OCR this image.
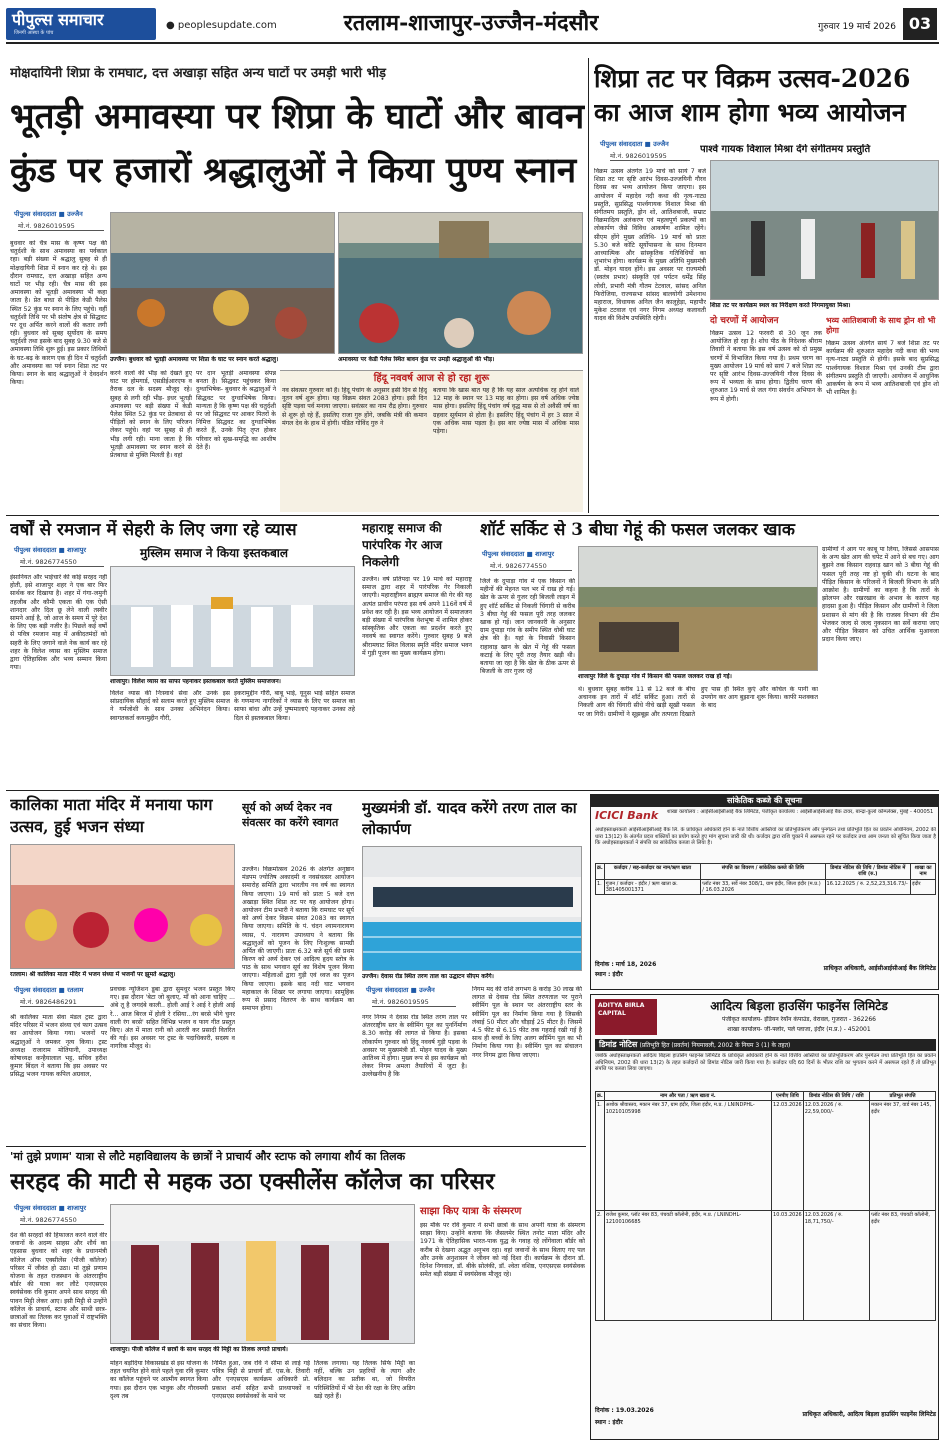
पीपुल्स समाचार
जिनगी आस्था के पांच
● peoplesupdate.com	रतलाम-शाजापुर-उज्जैन-मंदसौर	गुरुवार 19 मार्च 2026 03
मोक्षदायिनी शिप्रा के रामघाट, दत्त अखाड़ा सहित अन्य घाटों पर उमड़ी भारी भीड़
भूतड़ी अमावस्या पर शिप्रा के घाटों और बावन कुंड पर हजारों श्रद्धालुओं ने किया पुण्य स्नान
पीपुल्स संवाददाता ■ उज्जैन
मो.नं. 9826019595
बुधवार को चैत्र मास के कृष्ण पक्ष की चतुर्दशी के साथ अमावस्या का पर्वकाल रहा। बड़ी संख्या में श्रद्धालु सुबह से ही मोक्षदायिनी शिप्रा में स्नान कर रहे थे। इस दौरान रामघाट, दत्त अखाड़ा सहित अन्य घाटों पर भीड़ रही। चैत्र मास की इस अमावस्या को भूतड़ी अमावस्या भी कहा जाता है। प्रेत बाधा से पीड़ित केडी पैलेस स्थित 52 कुंड पर स्नान के लिए पहुंचे। वहीं चतुर्दशी तिथि पर भी संतोष क्षेत्र से सिद्धवट पर दूध अर्पित करने वालों की कतार लगी रही। बुधवार को सुबह सूर्योदय के समय चतुर्दशी तथा इसके बाद सुबह 9.30 बजे से अमावस्या तिथि शुरू हुई। इस प्रकार तिथियों के घट-बढ़ के कारण एक ही दिन में चतुर्दशी और अमावस्या का पर्व स्नान शिप्रा तट पर किया। स्नान के बाद श्रद्धालुओं ने देवदर्शन किया।
उज्जैन। बुधवार को भूतड़ी अमावस्या पर शिप्रा के घाट पर स्नान करते श्रद्धालु।	अमावस्या पर केडी पैलेस स्थित बावन कुंड पर उमड़ी श्रद्धालुओं की भीड़।
करने वालों की भीड़ को देखते हुए घाट पर होमगार्ड, एसडीईआरएफ व तैराक दल के सदस्य मौजूद रहे। सुबह से लगी रही भीड़- इधर भूतड़ी अमावस्या पर बड़ी संख्या में केडी पैलेस स्थित 52 कुंड पर प्रेतबाधा से पीड़ितों को स्नान के लिए परिजन लेकर पहुंचे। वहां पर सुबह से ही भीड़ लगी रही। माना जाता है कि भूतड़ी अमावस्या पर स्नान करने से प्रेतबाधा से मुक्ति मिलती है। वहां
पर दान भूतड़ी अमावस्या संपन्न बनता है। सिद्धवट पहुंचकर किया दुग्धाभिषेक- बुधवार के श्रद्धालुओं ने सिद्धवट पर दुग्धाभिषेक किया। मान्यता है कि कृष्ण पक्ष की चतुर्दशी पर जो सिद्धवट पर आकर पितरों के निमित्त सिद्धवट का दुग्धाभिषेक करते हैं, उनके पितृ तृप्त होकर परिवार को सुख-समृद्धि का आशीष देते हैं।
हिंदू नववर्ष आज से हो रहा शुरू
नव संवत्सर गुरुवार को है। हिंदू पंचांग के अनुसार इसी दिन से हिंदू नूतन वर्ष शुरू होगा। यह विक्रम संवत 2083 होगा। इसी दिन सृष्टि पड़वा पर्व मनाया जाएगा। सवंत्सर का नाम रौद्र होगा। गुरुवार से शुरू हो रहे हैं, इसलिए राजा गुरु होंगे, जबकि मंत्री की कमान मंगल देव के हाथ में होगी। पंडित गोविंद गुरु ने
बताया कि खास बात यह है कि यह साल अत्यधिक रह होने वाले 12 माह के स्थान पर 13 माह का होगा। इस वर्ष अधिक ज्येष्ठ मास होगा। इसलिए हिंदू पंचांग वर्ष वृद्ध मास से तो अवैसी वर्ष का ग्रहवार सूर्यमान से होता है। इसलिए हिंदू पंचांग में हर 3 साल में एक अधिक मास पड़ता है। इस बार ज्येष्ठ मास में अधिक मास पड़ेगा।
शिप्रा तट पर विक्रम उत्सव-2026 का आज शाम होगा भव्य आयोजन
पीपुल्स संवाददाता ■ उज्जैन
मो.नं. 9826019595
पार्श्व गायक विशाल मिश्रा देंगे संगीतमय प्रस्तुति
विक्रम उत्सव अंतर्गत 19 मार्च को सायं 7 बजे शिप्रा तट पर सृष्टि आरंभ दिवस-उज्जयिनी गौरव दिवस का भव्य आयोजन किया जाएगा। इस आयोजन में महादेव नदी कथा की नृत्य-नाट्य प्रस्तुति, सुप्रसिद्ध पार्श्वगायक विशाल मिश्रा की संगीतमय प्रस्तुति, ड्रोन शो, आतिशबाजी, सम्राट विक्रमादित्य अलंकरण एवं महत्वपूर्ण प्रकल्पों का लोकार्पण जैसे विविध आकर्षण शामिल रहेंगे। सीएम होंगे मुख्य अतिथि- 19 मार्च को प्रातः 5.30 बजे कोटि सूर्योपासना के साथ दिनमान आध्यात्मिक और सांस्कृतिक गतिविधियों का शुभारंभ होगा। कार्यक्रम के मुख्य अतिथि मुख्यमंत्री डॉ. मोहन यादव होंगे। इस अवसर पर राज्यमंत्री (स्वतंत्र प्रभार) संस्कृति एवं पर्यटन धर्मेंद्र सिंह लोधी, प्रभारी मंत्री गौतम टेटवाल, सांसद अनिल फिरोजिया, राज्यसभा सांसद बालयोगी उमेशनाथ महाराज, विधायक अनिल जैन कालूहेड़ा, महापौर मुकेश टटवाल एवं नगर निगम अध्यक्ष कलावती यादव की विशेष उपस्थिति रहेगी।
शिप्रा तट पर कार्यक्रम स्थल का निरीक्षण करते निगमायुक्त मिश्रा।
दो चरणों में आयोजन
विक्रम उत्सव 12 फरवरी से 30 जून तक आयोजित हो रहा है। शोध पीठ के निदेशक श्रीराम तिवारी ने बताया कि इस वर्ष उत्सव को दो प्रमुख चरणों में विभाजित किया गया है। प्रथम चरण का मुख्य आयोजन 19 मार्च को सायं 7 बजे शिप्रा तट पर सृष्टि आरंभ दिवस-उज्जयिनी गौरव दिवस के रूप में भव्यता के साथ होगा। द्वितीय चरण की शुरुआत 19 मार्च से जल गंगा संवर्धन अभियान के रूप में होगी।
भव्य आतिशबाजी के साथ ड्रोन शो भी होगा
विक्रम उत्सव अंतर्गत सायं 7 बजे शिप्रा तट पर कार्यक्रम की शुरुआत महादेव नदी कथा की भव्य नृत्य-नाट्य प्रस्तुति से होगी। इसके बाद सुप्रसिद्ध पार्श्वगायक विशाल मिश्रा एवं उनकी टीम द्वारा संगीतमय प्रस्तुति दी जाएगी। आयोजन में आधुनिक आकर्षण के रूप में भव्य आतिशबाजी एवं ड्रोन शो भी शामिल है।
वर्षों से रमजान में सेहरी के लिए जगा रहे व्यास
मुस्लिम समाज ने किया इस्तकबाल
पीपुल्स संवाददाता ■ शाजापुर
मो.नं. 9826774550
इंसानियत और भाईचारे की कोई सरहद नहीं होती, इसे शाजापुर शहर ने एक बार फिर सार्थक कर दिखाया है। शहर में गंगा-जमुनी तहजीब और कौमी एकता की एक ऐसी शानदार और दिल छू लेने वाली तस्वीर सामने आई है, जो आज के समय में पूरे देश के लिए एक बड़ी नजीर है। पिछले कई वर्षों से पवित्र रमजान माह में अकीदतमंदों को सहरी के लिए जगाने वाले नेक कार्य कर रहे शहर के विलेश व्यास का मुस्लिम समाज द्वारा ऐतिहासिक और भव्य सम्मान किया गया।
शाजापुर। विलेश व्यास का साफा पहनाकर इस्तकबाल करते मुस्लिम समाजजन।
विलेश व्यास की निःस्वार्थ सेवा और उनके इस सांप्रदायिक सौहार्द को सलाम करते हुए मुस्लिम समाज ने गर्मजोशी के साथ उनका अभिनंदन किया। स्वागतकर्ता कयामुद्दीन गौरी,
इकरामुद्दीन गौरी, बाबू भाई, यूनुस भाई सहित समाज के गणमान्य नागरिकों ने व्यास के लिए पर समाज का साफा बांधा और उन्हें पुष्पमालाएं पहनाकर उनका तहे दिल से इस्तकबाल किया।
महाराष्ट्र समाज की पारंपरिक गेर आज निकलेगी
उज्जैन। वर्ष प्रतिपदा पर 19 मार्च को महाराष्ट्र समाज द्वारा शहर में पारंपरिक गेर निकाली जाएगी। महाराष्ट्रीयन ब्राह्मण समाज की गेर की यह अत्यंत प्राचीन परंपरा इस वर्ष अपने 116वें वर्ष में प्रवेश कर रही है। इस भव्य आयोजन में समाजजन बड़ी संख्या में पारंपरिक वेशभूषा में शामिल होकर सांस्कृतिक और एकता का प्रदर्शन करते हुए नववर्ष का स्वागत करेंगे। गुरुवार सुबह 9 बजे श्रीरामघाट स्थित विलास स्मृति मंदिर समाज भवन में गुड़ी पूजन का मुख्य कार्यक्रम होगा।
शॉर्ट सर्किट से 3 बीघा गेहूं की फसल जलकर खाक
पीपुल्स संवाददाता ■ शाजापुर
मो.नं. 9826774550
जिले के दुपाड़ा गांव में एक किसान की महीनों की मेहनत पल भर में राख हो गई। खेत के ऊपर से गुजर रही बिजली लाइन में हुए शॉर्ट सर्किट से निकली चिंगारी से करीब 3 बीघा गेहूं की फसल पूरी तरह जलकर खाक हो गई। जान जानकारी के अनुसार ग्राम दुपाड़ा गांव के समीप स्थित धोबी घाट क्षेत्र की है। यहां के निवासी किसान राहावाड़ खान के खेत में गेहूं की फसल कटाई के लिए पूरी तरह तैयार खड़ी थी। बताया जा रहा है कि खेत के ठीक ऊपर से बिजली के तार गुजर रहे
शाजापुर जिले के दुपाड़ा गांव में किसान की फसल जलकर राख हो गई।
थे। बुधवार सुबह करीब 11 से 12 बजे के बीच अचानक इन तारों में शॉर्ट सर्किट हुआ। तारों से निकली आग की चिंगारी सीधे नीचे खड़ी सूखी फसल पर जा गिरी। ग्रामीणों ने सूझबूझ और तत्परता दिखाते हुए पास ही स्थित कुएं और कोचेल के पानी का उपयोग कर आग बुझाना शुरू किया। काफी मशक्कत के बाद
ग्रामीणों ने आग पर काबू पा लिया, जिससे आसपास के अन्य खेत आग की चपेट में आने से बच गए। आग बुझने तक किसान राहवाड़ खान को 3 बीघा गेहूं की फसल पूरी तरह नष्ट हो चुकी थी। घटना के बाद पीड़ित किसान के परिजनों ने बिजली विभाग के प्रति आक्रोश है। ग्रामीणों का कहना है कि तारों के झोलपन और रखरखाव के अभाव के कारण यह हादसा हुआ है। पीड़ित किसान और ग्रामीणों ने जिला प्रशासन से मांग की है कि राजस्व विभाग की टीम भेजकर जल्द से जल्द नुकसान का सर्वे कराया जाए और पीड़ित किसान को उचित आर्थिक मुआवजा प्रदान किया जाए।
कालिका माता मंदिर में मनाया फाग उत्सव, हुई भजन संध्या
रतलाम। श्री कालिका माता मंदिर में भजन संध्या में भजनों पर झूमते श्रद्धालु।
पीपुल्स संवाददाता ■ रतलाम
मो.नं. 9826486291
श्री कालिका माता सेवा मंडल ट्रस्ट द्वारा मंदिर परिसर में भजन संध्या एवं फाग उत्सव का आयोजन किया गया। भजनों पर श्रद्धालुओं ने जमकर नृत्य किया। ट्रस्ट अध्यक्ष राजाराम मोतियानी, उपाध्यक्ष कोषाध्यक्ष कन्हैयालाल भट्ट, सचिव हरीश कुमार बिंदल ने बताया कि इस अवसर पर प्रसिद्ध भजन गायक कपिल अग्रवाल,
प्रवचक न्यूजिशन डूबा द्वारा सुमधुर भजन प्रस्तुत किए गए। इस दौरान 'बेटा जो बुलाए, माँ को आना चाहिए ... अंबे तू है जगदंबे काली.. होली आई रे आई रे होली आई रे... आज बिरज में होली रे रसिया...रंग बरसे भीगे चुनर वाली रंग बरसे' सहित विभिन्न भजन व फाग गीत प्रस्तुत किए। अंत में माता रानी को आरती कर प्रसादी वितरित की गई। इस अवसर पर ट्रस्ट के पदाधिकारी, सदस्य व नागरिक मौजूद थे।
सूर्य को अर्घ्य देकर नव संवत्सर का करेंगे स्वागत
उज्जैन। विक्रमोत्सव 2026 के अंतर्गत अनुष्ठान मंडपम ज्योतिष अकादमी व नवसंवत्सर आयोजन समारोह समिति द्वारा भारतीय नव वर्ष का स्वागत किया जाएगा। 19 मार्च को प्रातः 5 बजे दत्त अखाड़ा स्थित शिप्रा तट पर यह आयोजन होगा। आयोजन टीम प्रभारी ने बताया कि रामघाट पर सूर्य को अर्घ्य देकर विक्रम संवत 2083 का स्वागत किया जाएगा। समिति के पं. चंदन श्यामनारायण व्यास, पं. नारायण उपाध्याय ने बताया कि श्रद्धालुओं को पूजन के लिए निःशुल्क सामग्री अर्पित की जाएगी। प्रातः 6.32 बजे सूर्य की प्रथम किरण को अर्घ्य देकर एवं आदित्य हृदय स्तोत्र के पाठ के साथ भगवान सूर्य का विशेष पूजन किया जाएगा। महिलाओं द्वारा गुड़ी एवं ध्वज का पूजन किया जाएगा। इसके बाद नदी घाट भगवान महाकाल के शिखर पर लगाया जाएगा। सामूहिक रूप से प्रसाद वितरण के साथ कार्यक्रम का समापन होगा।
मुख्यमंत्री डॉ. यादव करेंगे तरण ताल का लोकार्पण
उज्जैन। देवास रोड स्थित तरण ताल का उद्घाटन सीएम करेंगे।
पीपुल्स संवाददाता ■ उज्जैन
मो.नं. 9826019595
नगर निगम ने देवास रोड स्थित तरण ताल पर अंतरराष्ट्रीय स्तर के स्वीमिंग पूल का पुनर्निर्माण 8.30 करोड़ की लागत से किया है। इसका लोकार्पण गुरुवार को हिंदू नववर्ष गुड़ी पड़वा के अवसर पर मुख्यमंत्री डॉ. मोहन यादव के मुख्य आतिथ्य में होगा। मुख्य रूप से इस कार्यक्रम को लेकर निगम अमला तैयारियों में जुटा है। उल्लेखनीय है कि
निगम मद की राशि लगभग 8 करोड़ 30 लाख की लागत से देवास रोड स्थित तरणताल पर पुराने स्वीमिंग पूल के स्थान पर अंतरराष्ट्रीय स्तर के स्वीमिंग पूल का निर्माण किया गया है जिसकी लंबाई 50 मीटर और चौड़ाई 25 मीटर है। जिसमें 4.5 फीट से 6.15 फीट तक गहराई रखी गई है साथ ही बच्चों के लिए अलग स्वीमिंग पूल का भी निर्माण किया गया है। स्वीमिंग पूल का संचालन नगर निगम द्वारा किया जाएगा।
सांकेतिक कब्जे की सूचना
ICICI Bank	शाखा कार्यालय : आईसीआईसीआई बैंक लिमिटेड, पंजीकृत कार्यालय : आईसीआईसीआई बैंक टावर, बान्द्रा-कुर्ला कॉम्प्लेक्स, मुंबई - 400051
अधोहस्ताक्षरकर्ता आईसीआईसीआई बैंक लि. के प्राधिकृत अधिकारी होने के नाते वित्तीय आस्तियों का प्रतिभूतिकरण और पुनर्गठन तथा प्रतिभूति हित का प्रवर्तन अधिनियम, 2002 की धारा 13(12) के अंतर्गत प्रदत्त शक्तियों का प्रयोग करते हुए मांग सूचना जारी की थी। कर्जदार द्वारा राशि चुकाने में असफल रहने पर कर्जदार तथा आम जनता को सूचित किया जाता है कि अधोहस्ताक्षरकर्ता ने संपत्ति का सांकेतिक कब्जा ले लिया है।
क्र.	कर्जदार / सह-कर्जदार का नाम/ऋण खाता	संपत्ति का विवरण / सांकेतिक कब्जे की तिथि	डिमांड नोटिस की तिथि / डिमांड नोटिस में राशि (रु.)	शाखा का नाम
1.	गुंजन / कर्जदार - इंदौर / ऋण खाता क्र. 381405001371	प्लॉट नंबर 33, सर्वे नंबर 308/1, ग्राम इंदौर, जिला इंदौर (म.प्र.) / 16.03.2026	16.12.2025 / रु. 2,52,23,316.73/-	इंदौर
दिनांक : मार्च 18, 2026
स्थान : इंदौर
प्राधिकृत अधिकारी, आईसीआईसीआई बैंक लिमिटेड
ADITYA BIRLA CAPITAL
आदित्य बिड़ला हाउसिंग फाइनेंस लिमिटेड
पंजीकृत कार्यालय- इंडियन रेयॉन कंपाउंड, वेरावल, गुजरात - 362266
शाखा कार्यालय- जी-फ्लोर, पर्ल प्लाजा, इंदौर (म.प्र.) - 452001
डिमांड नोटिस (प्रतिभूति हित (प्रवर्तन) नियमावली, 2002 के नियम 3 (1) के तहत)
जबकि अधोहस्ताक्षरकर्ता आदित्य बिड़ला हाउसिंग फाइनेंस लिमिटेड के प्राधिकृत अधिकारी होने के नाते वित्तीय आस्तियों का प्रतिभूतिकरण और पुनर्गठन तथा प्रतिभूति हित का प्रवर्तन अधिनियम, 2002 की धारा 13(2) के तहत कर्जदारों को डिमांड नोटिस जारी किया गया है। कर्जदार यदि 60 दिनों के भीतर राशि का भुगतान करने में असफल रहते हैं तो प्रतिभूत संपत्ति पर कब्जा लिया जाएगा।
क्र.	नाम और पता / ऋण खाता नं.	एनपीए तिथि	डिमांड नोटिस की तिथि / राशि	प्रतिभूत संपत्ति
1.	अशोक श्रीवास्तव, मकान नंबर 37, ग्राम इंदौर, जिला इंदौर, म.प्र. / LNINDPHL-10210105998	12.03.2026	12.03.2026 / रु. 22,59,000/-	मकान नंबर 37, वार्ड नंबर 145, इंदौर
2.	राजेश कुमार, प्लॉट नंबर 83, पंचवटी कॉलोनी, इंदौर, म.प्र. / LNINDHL-12100106685	10.03.2026	12.03.2026 / रु. 18,71,750/-	प्लॉट नंबर 83, पंचवटी कॉलोनी, इंदौर
दिनांक : 19.03.2026
स्थान : इंदौर
प्राधिकृत अधिकारी, आदित्य बिड़ला हाउसिंग फाइनेंस लिमिटेड
'मां तुझे प्रणाम' यात्रा से लौटे महाविद्यालय के छात्रों ने प्राचार्य और स्टाफ को लगाया शौर्य का तिलक
सरहद की माटी से महक उठा एक्सीलेंस कॉलेज का परिसर
पीपुल्स संवाददाता ■ शाजापुर
मो.नं. 9826774550
देश की सरहदों की हिफाजत करने वाले वीर जवानों के अदम्य साहस और शौर्य का एहसास बुधवार को शहर के प्रधानमंत्री कॉलेज ऑफ एक्सीलेंस (पीजी कॉलेज) परिसर में जीवंत हो उठा। मां तुझे प्रणाम योजना के तहत राजस्थान के अंतरराष्ट्रीय बॉर्डर की यात्रा कर लौटे एनएसएस स्वयंसेवक रवि कुमार अपने साथ सरहद की पावन मिट्टी लेकर आए। इसी मिट्टी से उन्होंने कॉलेज के प्राचार्य, स्टाफ और साथी छात्र-छात्राओं का तिलक कर युवाओं में राष्ट्रभक्ति का संचार किया।
शाजापुर। पीजी कॉलेज में छात्रों के साथ सरहद की मिट्टी का तिलक लगाते प्राचार्य।
मोहन बड़ोदिया विकासखंड से इस योजना के तहत चयनित होने वाले पहले युवा रवि कुमार का कॉलेज पहुंचने पर आत्मीय स्वागत किया गया। इस दौरान एक भावुक और गौरवमयी दृश्य तब
निर्मित हुआ, जब रवि ने सीमा से लाई गई पवित्र मिट्टी से प्राचार्य डॉ. एस.के. तिवारी और एनएसएस कार्यक्रम अधिकारी प्रो. प्रकाश शर्मा सहित सभी प्राध्यापकों व एनएसएस स्वयंसेवकों के माथे पर
तिलक लगाया। यह तिलक सिर्फ मिट्टी का नहीं, बल्कि उन प्रहरियों के त्याग और बलिदान का प्रतीक था, जो विपरीत परिस्थितियों में भी देश की रक्षा के लिए अडिग खड़े रहते हैं।
साझा किए यात्रा के संस्मरण
इस मौके पर रवि कुमार ने सभी छात्रों के साथ अपनी यात्रा के संस्मरण साझा किए। उन्होंने बताया कि जैसलमेर स्थित तनोट माता मंदिर और 1971 के ऐतिहासिक भारत-पाक युद्ध के गवाह रहे लोंगेवाला बॉर्डर को करीब से देखना अद्भुत अनुभव रहा। वहां जवानों के साथ बिताए गए पल और उनके अनुशासन ने जीवन को नई दिशा दी। कार्यक्रम के दौरान डॉ. दिनेश निगवाल, डॉ. बीके सोलंकी, डॉ. श्वेता वशिष्ठ, एनएसएस स्वयंसेवक समेत बड़ी संख्या में स्वयंसेवक मौजूद रहे।
